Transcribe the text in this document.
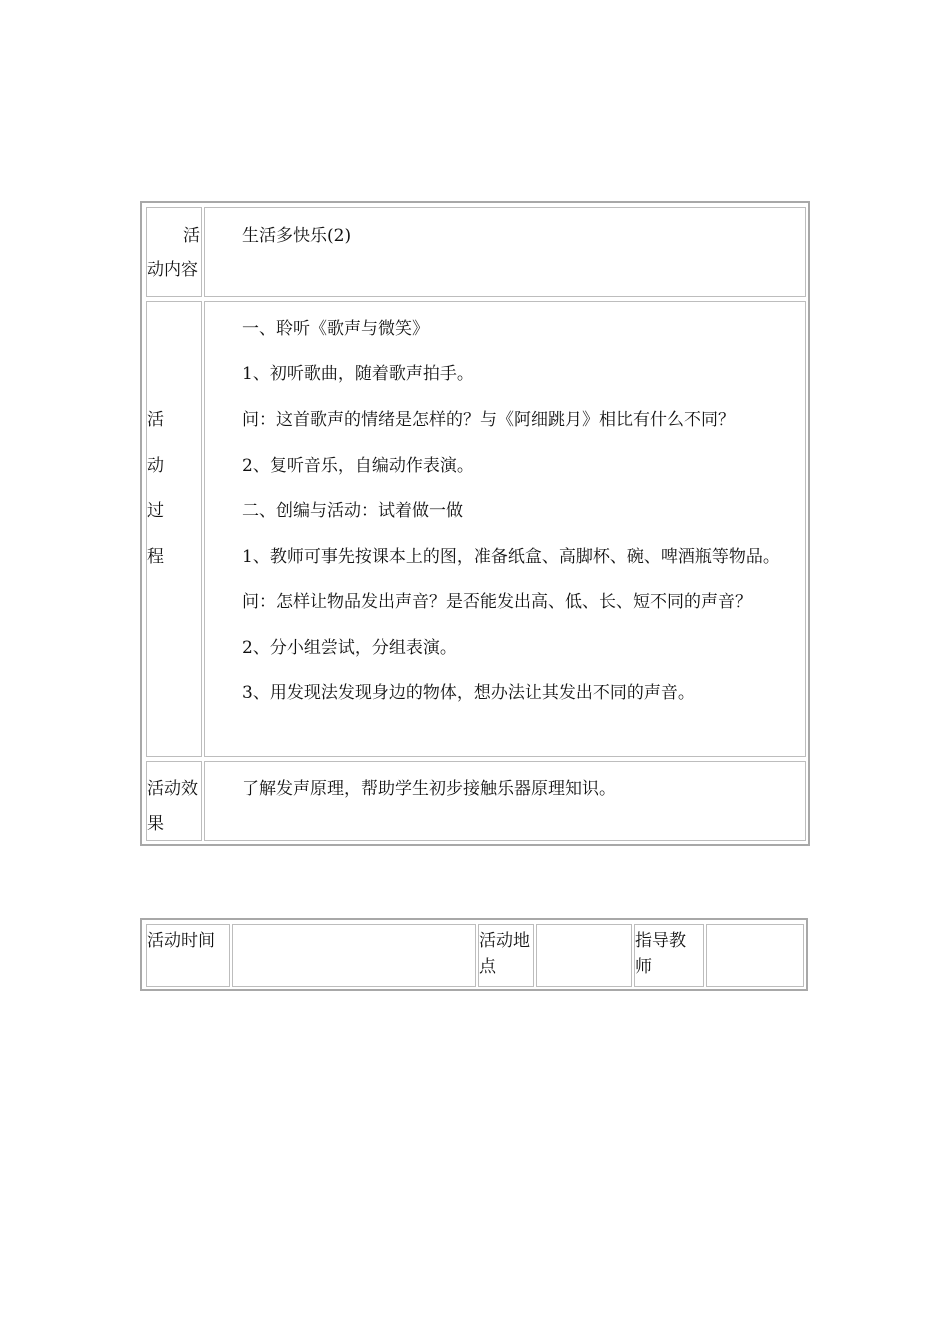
活
动内容
生活多快乐(2)
活
动
过
程
一、聆听《歌声与微笑》
1、初听歌曲，随着歌声拍手。
问：这首歌声的情绪是怎样的？与《阿细跳月》相比有什么不同？
2、复听音乐，自编动作表演。
二、创编与活动：试着做一做
1、教师可事先按课本上的图，准备纸盒、高脚杯、碗、啤酒瓶等物品。
问：怎样让物品发出声音？是否能发出高、低、长、短不同的声音？
2、分小组尝试，分组表演。
3、用发现法发现身边的物体，想办法让其发出不同的声音。
活动效
果
了解发声原理，帮助学生初步接触乐器原理知识。
活动时间	活动地
点
指导教
师
